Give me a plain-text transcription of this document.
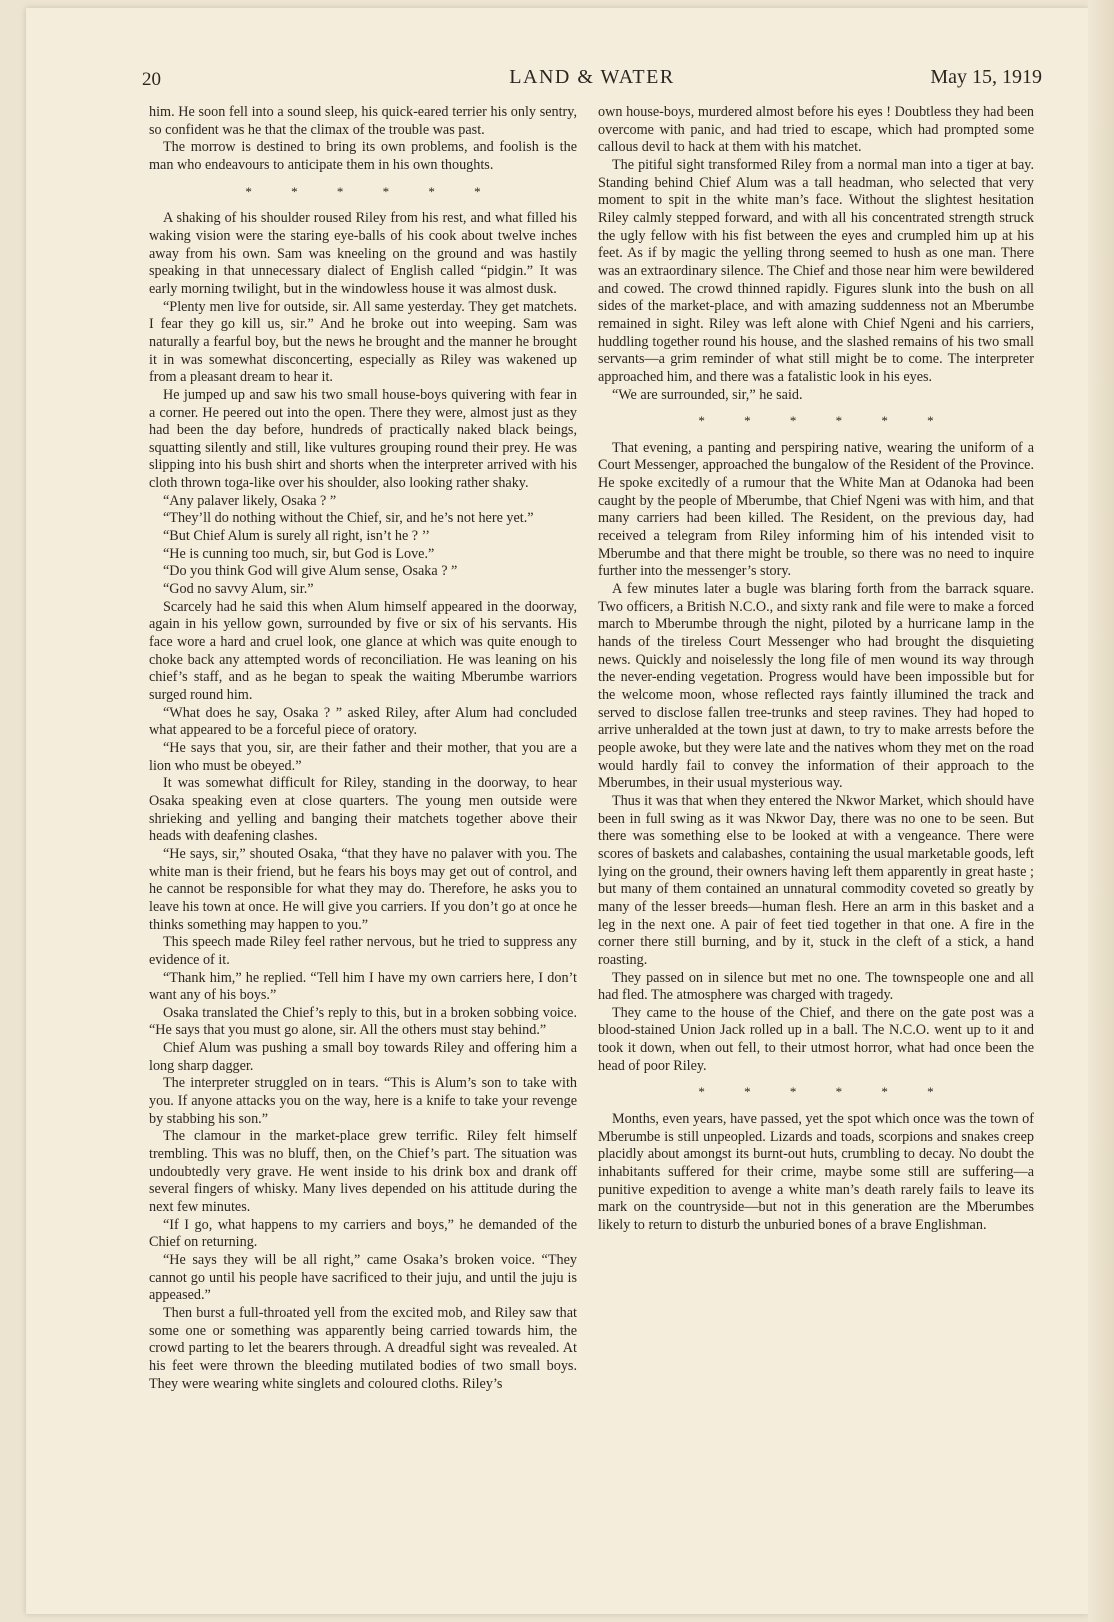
20	LAND & WATER	May 15, 1919

him. He soon fell into a sound sleep, his quick-eared terrier his only sentry, so confident was he that the climax of the trouble was past.

The morrow is destined to bring its own problems, and foolish is the man who endeavours to anticipate them in his own thoughts.

* * * * * *

A shaking of his shoulder roused Riley from his rest, and what filled his waking vision were the staring eye-balls of his cook about twelve inches away from his own. Sam was kneeling on the ground and was hastily speaking in that unnecessary dialect of English called “pidgin.” It was early morning twilight, but in the windowless house it was almost dusk.

“Plenty men live for outside, sir. All same yesterday. They get matchets. I fear they go kill us, sir.” And he broke out into weeping. Sam was naturally a fearful boy, but the news he brought and the manner he brought it in was somewhat disconcerting, especially as Riley was wakened up from a pleasant dream to hear it.

He jumped up and saw his two small house-boys quivering with fear in a corner. He peered out into the open. There they were, almost just as they had been the day before, hundreds of practically naked black beings, squatting silently and still, like vultures grouping round their prey. He was slipping into his bush shirt and shorts when the interpreter arrived with his cloth thrown toga-like over his shoulder, also looking rather shaky.

“Any palaver likely, Osaka ? ”

“They’ll do nothing without the Chief, sir, and he’s not here yet.”

“But Chief Alum is surely all right, isn’t he ? ’’

“He is cunning too much, sir, but God is Love.”

“Do you think God will give Alum sense, Osaka ? ”

“God no savvy Alum, sir.”

Scarcely had he said this when Alum himself appeared in the doorway, again in his yellow gown, surrounded by five or six of his servants. His face wore a hard and cruel look, one glance at which was quite enough to choke back any attempted words of reconciliation. He was leaning on his chief’s staff, and as he began to speak the waiting Mberumbe warriors surged round him.

“What does he say, Osaka ? ” asked Riley, after Alum had concluded what appeared to be a forceful piece of oratory.

“He says that you, sir, are their father and their mother, that you are a lion who must be obeyed.”

It was somewhat difficult for Riley, standing in the doorway, to hear Osaka speaking even at close quarters. The young men outside were shrieking and yelling and banging their matchets together above their heads with deafening clashes.

“He says, sir,” shouted Osaka, “that they have no palaver with you. The white man is their friend, but he fears his boys may get out of control, and he cannot be responsible for what they may do. Therefore, he asks you to leave his town at once. He will give you carriers. If you don’t go at once he thinks something may happen to you.”

This speech made Riley feel rather nervous, but he tried to suppress any evidence of it.

“Thank him,” he replied. “Tell him I have my own carriers here, I don’t want any of his boys.”

Osaka translated the Chief’s reply to this, but in a broken sobbing voice. “He says that you must go alone, sir. All the others must stay behind.”

Chief Alum was pushing a small boy towards Riley and offering him a long sharp dagger.

The interpreter struggled on in tears. “This is Alum’s son to take with you. If anyone attacks you on the way, here is a knife to take your revenge by stabbing his son.”

The clamour in the market-place grew terrific. Riley felt himself trembling. This was no bluff, then, on the Chief’s part. The situation was undoubtedly very grave. He went inside to his drink box and drank off several fingers of whisky. Many lives depended on his attitude during the next few minutes.

“If I go, what happens to my carriers and boys,” he demanded of the Chief on returning.

“He says they will be all right,” came Osaka’s broken voice. “They cannot go until his people have sacrificed to their juju, and until the juju is appeased.”

Then burst a full-throated yell from the excited mob, and Riley saw that some one or something was apparently being carried towards him, the crowd parting to let the bearers through. A dreadful sight was revealed. At his feet were thrown the bleeding mutilated bodies of two small boys. They were wearing white singlets and coloured cloths. Riley’s

own house-boys, murdered almost before his eyes ! Doubtless they had been overcome with panic, and had tried to escape, which had prompted some callous devil to hack at them with his matchet.

The pitiful sight transformed Riley from a normal man into a tiger at bay. Standing behind Chief Alum was a tall headman, who selected that very moment to spit in the white man’s face. Without the slightest hesitation Riley calmly stepped forward, and with all his concentrated strength struck the ugly fellow with his fist between the eyes and crumpled him up at his feet. As if by magic the yelling throng seemed to hush as one man. There was an extraordinary silence. The Chief and those near him were bewildered and cowed. The crowd thinned rapidly. Figures slunk into the bush on all sides of the market-place, and with amazing suddenness not an Mberumbe remained in sight. Riley was left alone with Chief Ngeni and his carriers, huddling together round his house, and the slashed remains of his two small servants—a grim reminder of what still might be to come. The interpreter approached him, and there was a fatalistic look in his eyes.

“We are surrounded, sir,” he said.

* * * * * *

That evening, a panting and perspiring native, wearing the uniform of a Court Messenger, approached the bungalow of the Resident of the Province. He spoke excitedly of a rumour that the White Man at Odanoka had been caught by the people of Mberumbe, that Chief Ngeni was with him, and that many carriers had been killed. The Resident, on the previous day, had received a telegram from Riley informing him of his intended visit to Mberumbe and that there might be trouble, so there was no need to inquire further into the messenger’s story.

A few minutes later a bugle was blaring forth from the barrack square. Two officers, a British N.C.O., and sixty rank and file were to make a forced march to Mberumbe through the night, piloted by a hurricane lamp in the hands of the tireless Court Messenger who had brought the disquieting news. Quickly and noiselessly the long file of men wound its way through the never-ending vegetation. Progress would have been impossible but for the welcome moon, whose reflected rays faintly illumined the track and served to disclose fallen tree-trunks and steep ravines. They had hoped to arrive unheralded at the town just at dawn, to try to make arrests before the people awoke, but they were late and the natives whom they met on the road would hardly fail to convey the information of their approach to the Mberumbes, in their usual mysterious way.

Thus it was that when they entered the Nkwor Market, which should have been in full swing as it was Nkwor Day, there was no one to be seen. But there was something else to be looked at with a vengeance. There were scores of baskets and calabashes, containing the usual marketable goods, left lying on the ground, their owners having left them apparently in great haste ; but many of them contained an unnatural commodity coveted so greatly by many of the lesser breeds—human flesh. Here an arm in this basket and a leg in the next one. A pair of feet tied together in that one. A fire in the corner there still burning, and by it, stuck in the cleft of a stick, a hand roasting.

They passed on in silence but met no one. The townspeople one and all had fled. The atmosphere was charged with tragedy.

They came to the house of the Chief, and there on the gate post was a blood-stained Union Jack rolled up in a ball. The N.C.O. went up to it and took it down, when out fell, to their utmost horror, what had once been the head of poor Riley.

* * * * * *

Months, even years, have passed, yet the spot which once was the town of Mberumbe is still unpeopled. Lizards and toads, scorpions and snakes creep placidly about amongst its burnt-out huts, crumbling to decay. No doubt the inhabitants suffered for their crime, maybe some still are suffering—a punitive expedition to avenge a white man’s death rarely fails to leave its mark on the countryside—but not in this generation are the Mberumbes likely to return to disturb the unburied bones of a brave Englishman.
